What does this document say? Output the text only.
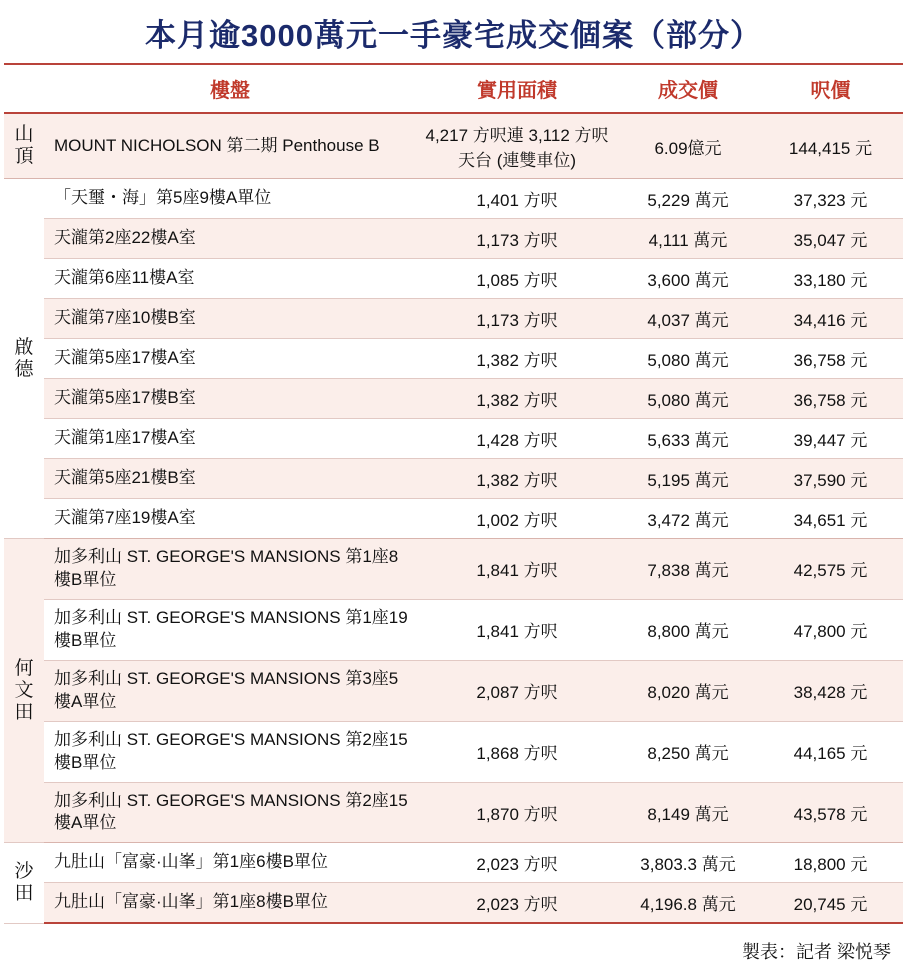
本月逾3000萬元一手豪宅成交個案（部分）
	樓盤	實用面積	成交價	呎價
山頂	MOUNT NICHOLSON 第二期 Penthouse B	4,217 方呎連 3,112 方呎天台 (連雙車位)	6.09億元	144,415 元
啟德	「天璽・海」第5座9樓A單位	1,401 方呎	5,229 萬元	37,323 元
	天瀧第2座22樓A室	1,173 方呎	4,111 萬元	35,047 元
	天瀧第6座11樓A室	1,085 方呎	3,600 萬元	33,180 元
	天瀧第7座10樓B室	1,173 方呎	4,037 萬元	34,416 元
	天瀧第5座17樓A室	1,382 方呎	5,080 萬元	36,758 元
	天瀧第5座17樓B室	1,382 方呎	5,080 萬元	36,758 元
	天瀧第1座17樓A室	1,428 方呎	5,633 萬元	39,447 元
	天瀧第5座21樓B室	1,382 方呎	5,195 萬元	37,590 元
	天瀧第7座19樓A室	1,002 方呎	3,472 萬元	34,651 元
何文田	加多利山 ST. GEORGE'S MANSIONS 第1座8樓B單位	1,841 方呎	7,838 萬元	42,575 元
	加多利山 ST. GEORGE'S MANSIONS 第1座19樓B單位	1,841 方呎	8,800 萬元	47,800 元
	加多利山 ST. GEORGE'S MANSIONS 第3座5樓A單位	2,087 方呎	8,020 萬元	38,428 元
	加多利山 ST. GEORGE'S MANSIONS 第2座15樓B單位	1,868 方呎	8,250 萬元	44,165 元
	加多利山 ST. GEORGE'S MANSIONS 第2座15樓A單位	1,870 方呎	8,149 萬元	43,578 元
沙田	九肚山「富豪·山峯」第1座6樓B單位	2,023 方呎	3,803.3 萬元	18,800 元
	九肚山「富豪·山峯」第1座8樓B單位	2,023 方呎	4,196.8 萬元	20,745 元
製表：記者 梁悦琴
